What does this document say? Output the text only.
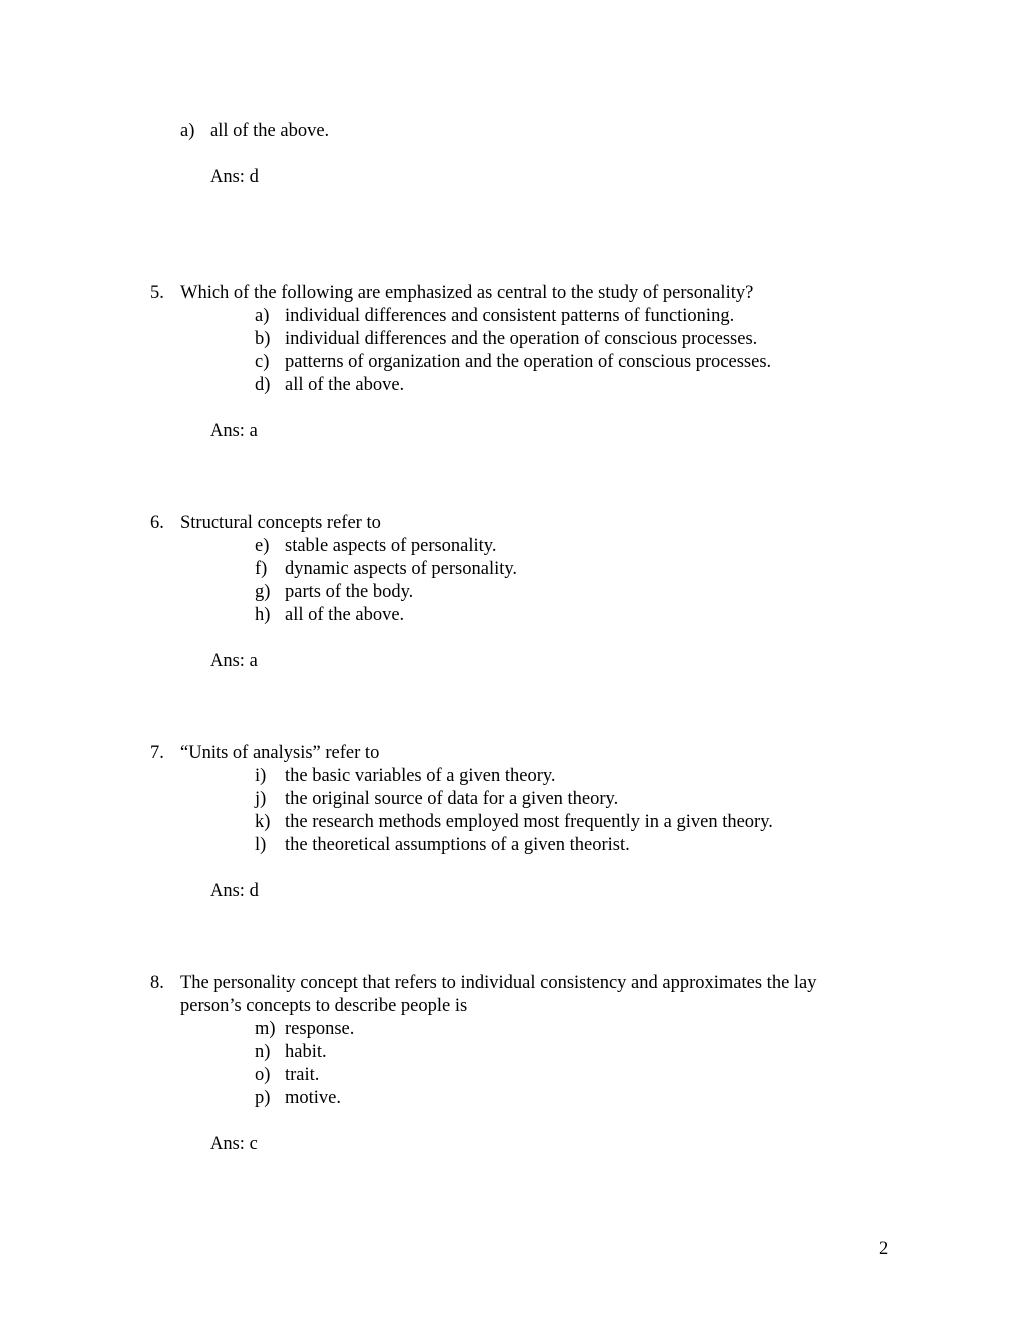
a) all of the above.
Ans: d
5. Which of the following are emphasized as central to the study of personality?
a) individual differences and consistent patterns of functioning.
b) individual differences and the operation of conscious processes.
c) patterns of organization and the operation of conscious processes.
d) all of the above.
Ans: a
6. Structural concepts refer to
e) stable aspects of personality.
f) dynamic aspects of personality.
g) parts of the body.
h) all of the above.
Ans: a
7. “Units of analysis” refer to
i) the basic variables of a given theory.
j) the original source of data for a given theory.
k) the research methods employed most frequently in a given theory.
l) the theoretical assumptions of a given theorist.
Ans: d
8. The personality concept that refers to individual consistency and approximates the lay
person’s concepts to describe people is
m) response.
n) habit.
o) trait.
p) motive.
Ans: c
2
